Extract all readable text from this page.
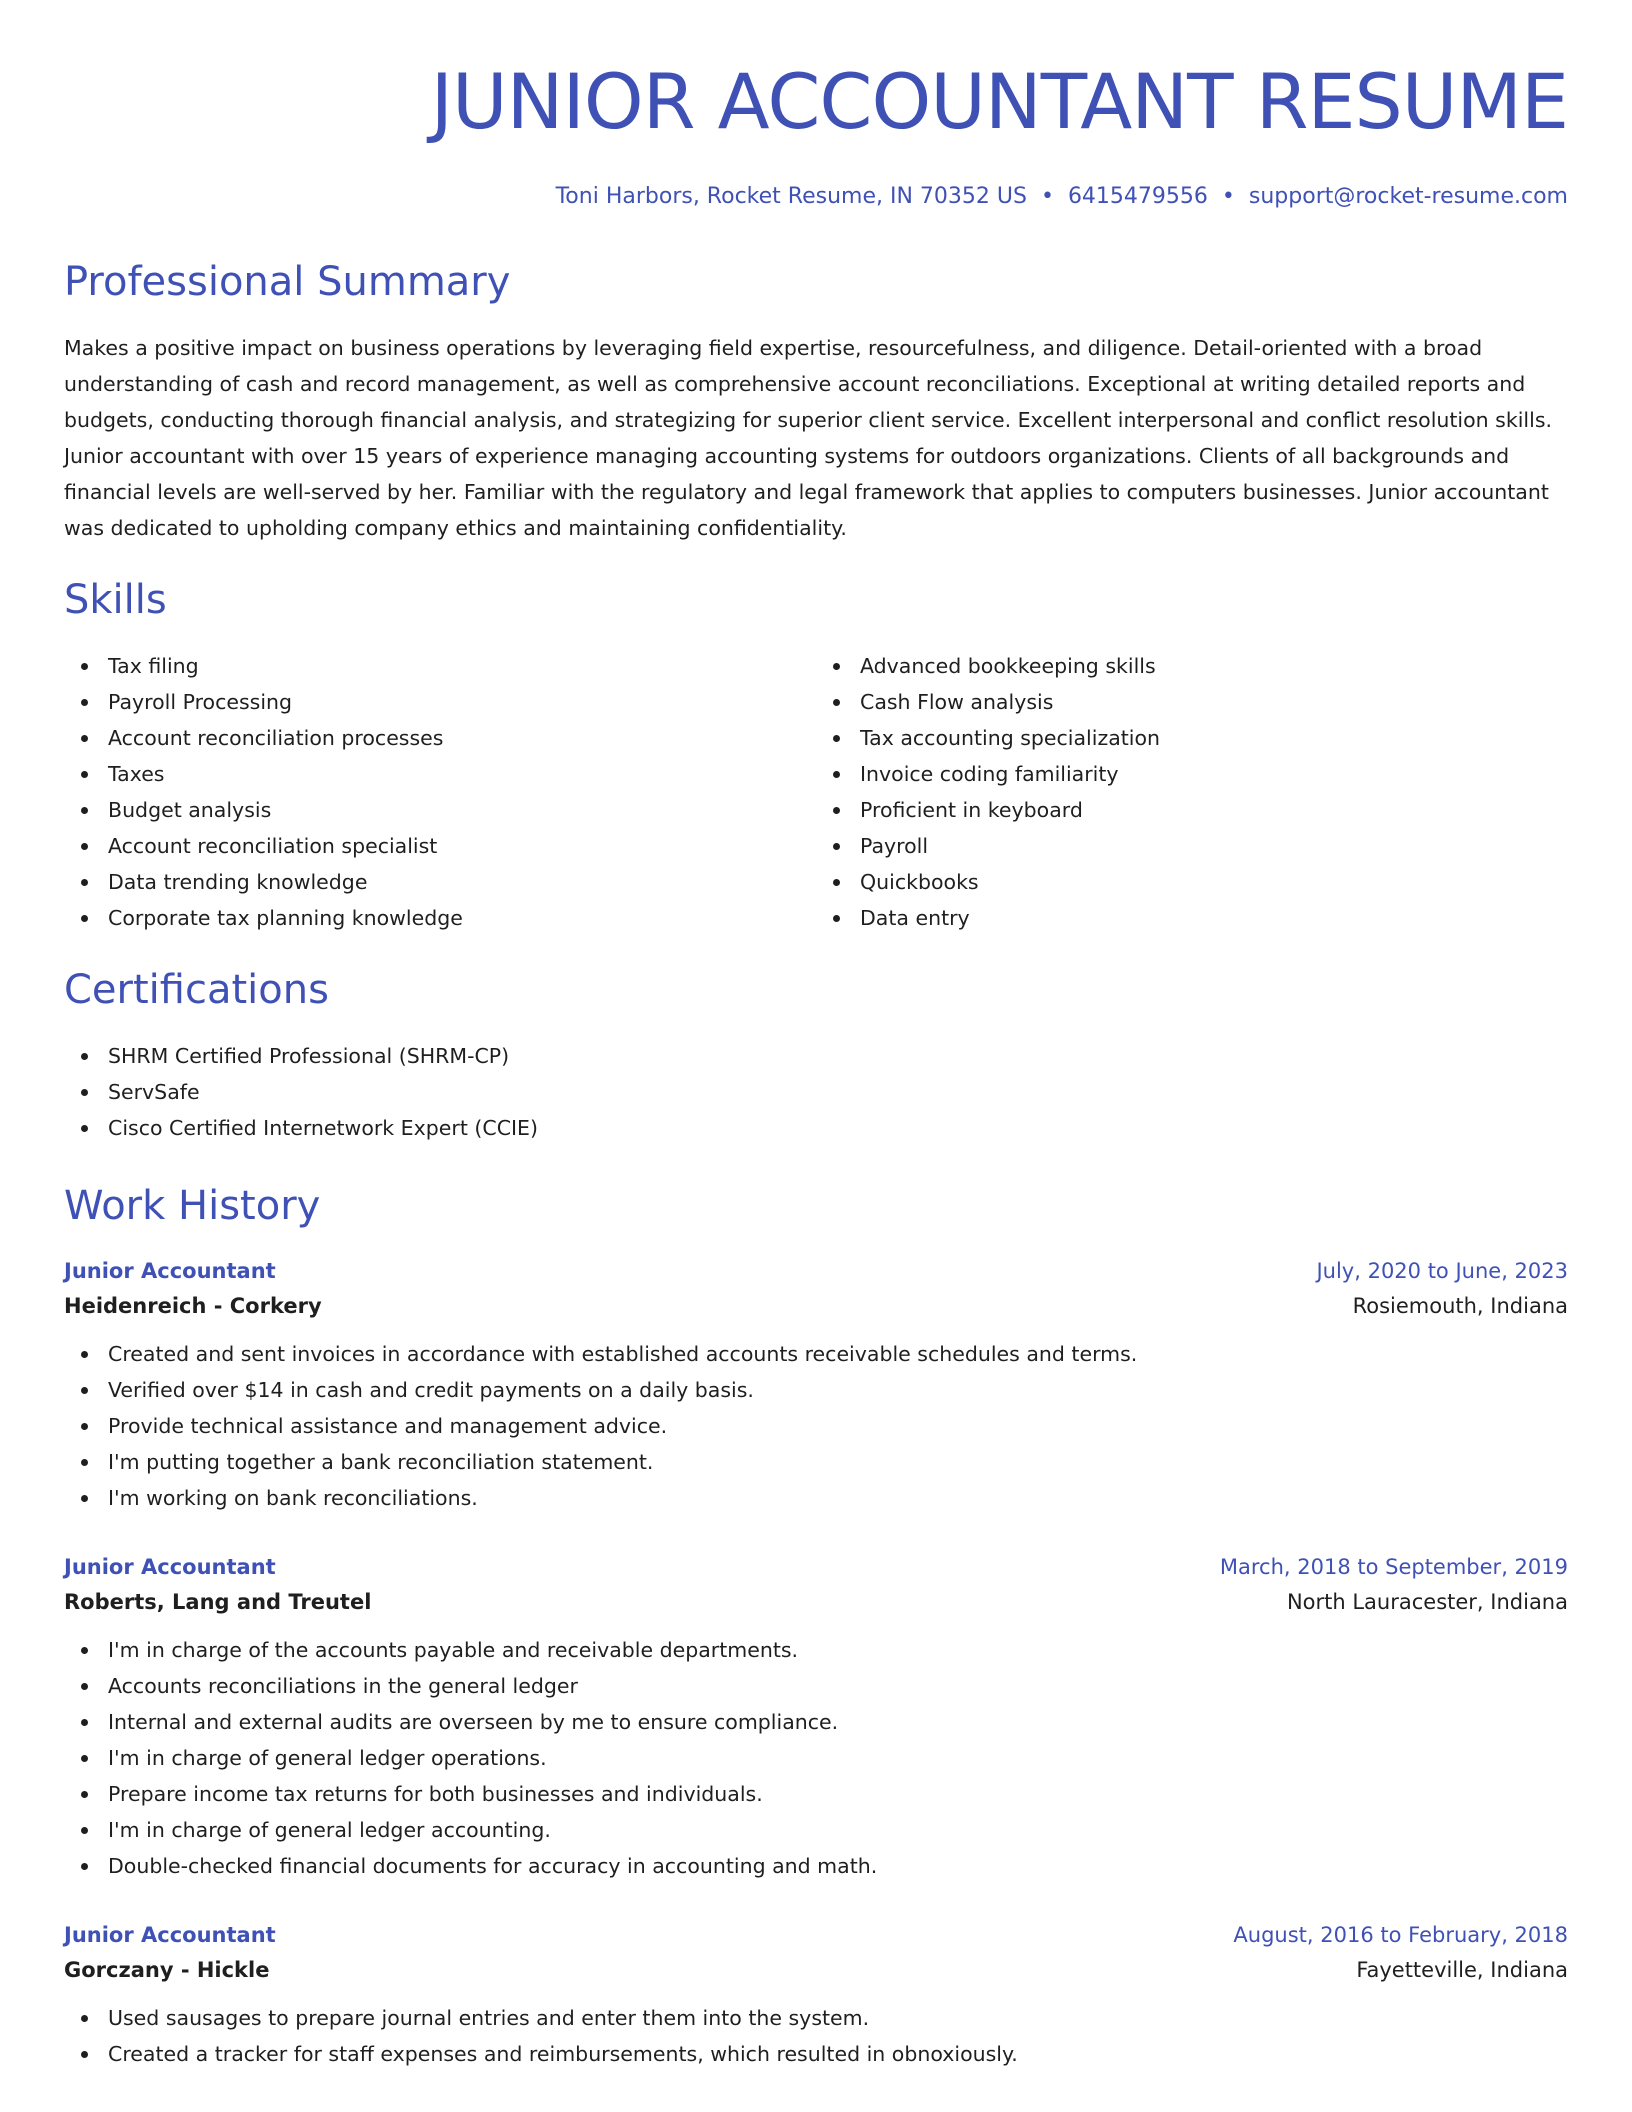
JUNIOR ACCOUNTANT RESUME
Toni Harbors, Rocket Resume, IN 70352 US • 6415479556 • support@rocket-resume.com
Professional Summary

Makes a positive impact on business operations by leveraging field expertise, resourcefulness, and diligence. Detail-oriented with a broad understanding of cash and record management, as well as comprehensive account reconciliations. Exceptional at writing detailed reports and budgets, conducting thorough financial analysis, and strategizing for superior client service. Excellent interpersonal and conflict resolution skills. Junior accountant with over 15 years of experience managing accounting systems for outdoors organizations. Clients of all backgrounds and financial levels are well-served by her. Familiar with the regulatory and legal framework that applies to computers businesses. Junior accountant was dedicated to upholding company ethics and maintaining confidentiality.

Skills
Tax filing
Payroll Processing
Account reconciliation processes
Taxes
Budget analysis
Account reconciliation specialist
Data trending knowledge
Corporate tax planning knowledge
Advanced bookkeeping skills
Cash Flow analysis
Tax accounting specialization
Invoice coding familiarity
Proficient in keyboard
Payroll
Quickbooks
Data entry
Certifications
SHRM Certified Professional (SHRM-CP)
ServSafe
Cisco Certified Internetwork Expert (CCIE)
Work History
Junior Accountant	July, 2020 to June, 2023
Heidenreich - Corkery	Rosiemouth, Indiana
Created and sent invoices in accordance with established accounts receivable schedules and terms.
Verified over $14 in cash and credit payments on a daily basis.
Provide technical assistance and management advice.
I'm putting together a bank reconciliation statement.
I'm working on bank reconciliations.
Junior Accountant	March, 2018 to September, 2019
Roberts, Lang and Treutel	North Lauracester, Indiana
I'm in charge of the accounts payable and receivable departments.
Accounts reconciliations in the general ledger
Internal and external audits are overseen by me to ensure compliance.
I'm in charge of general ledger operations.
Prepare income tax returns for both businesses and individuals.
I'm in charge of general ledger accounting.
Double-checked financial documents for accuracy in accounting and math.
Junior Accountant	August, 2016 to February, 2018
Gorczany - Hickle	Fayetteville, Indiana
Used sausages to prepare journal entries and enter them into the system.
Created a tracker for staff expenses and reimbursements, which resulted in obnoxiously.
